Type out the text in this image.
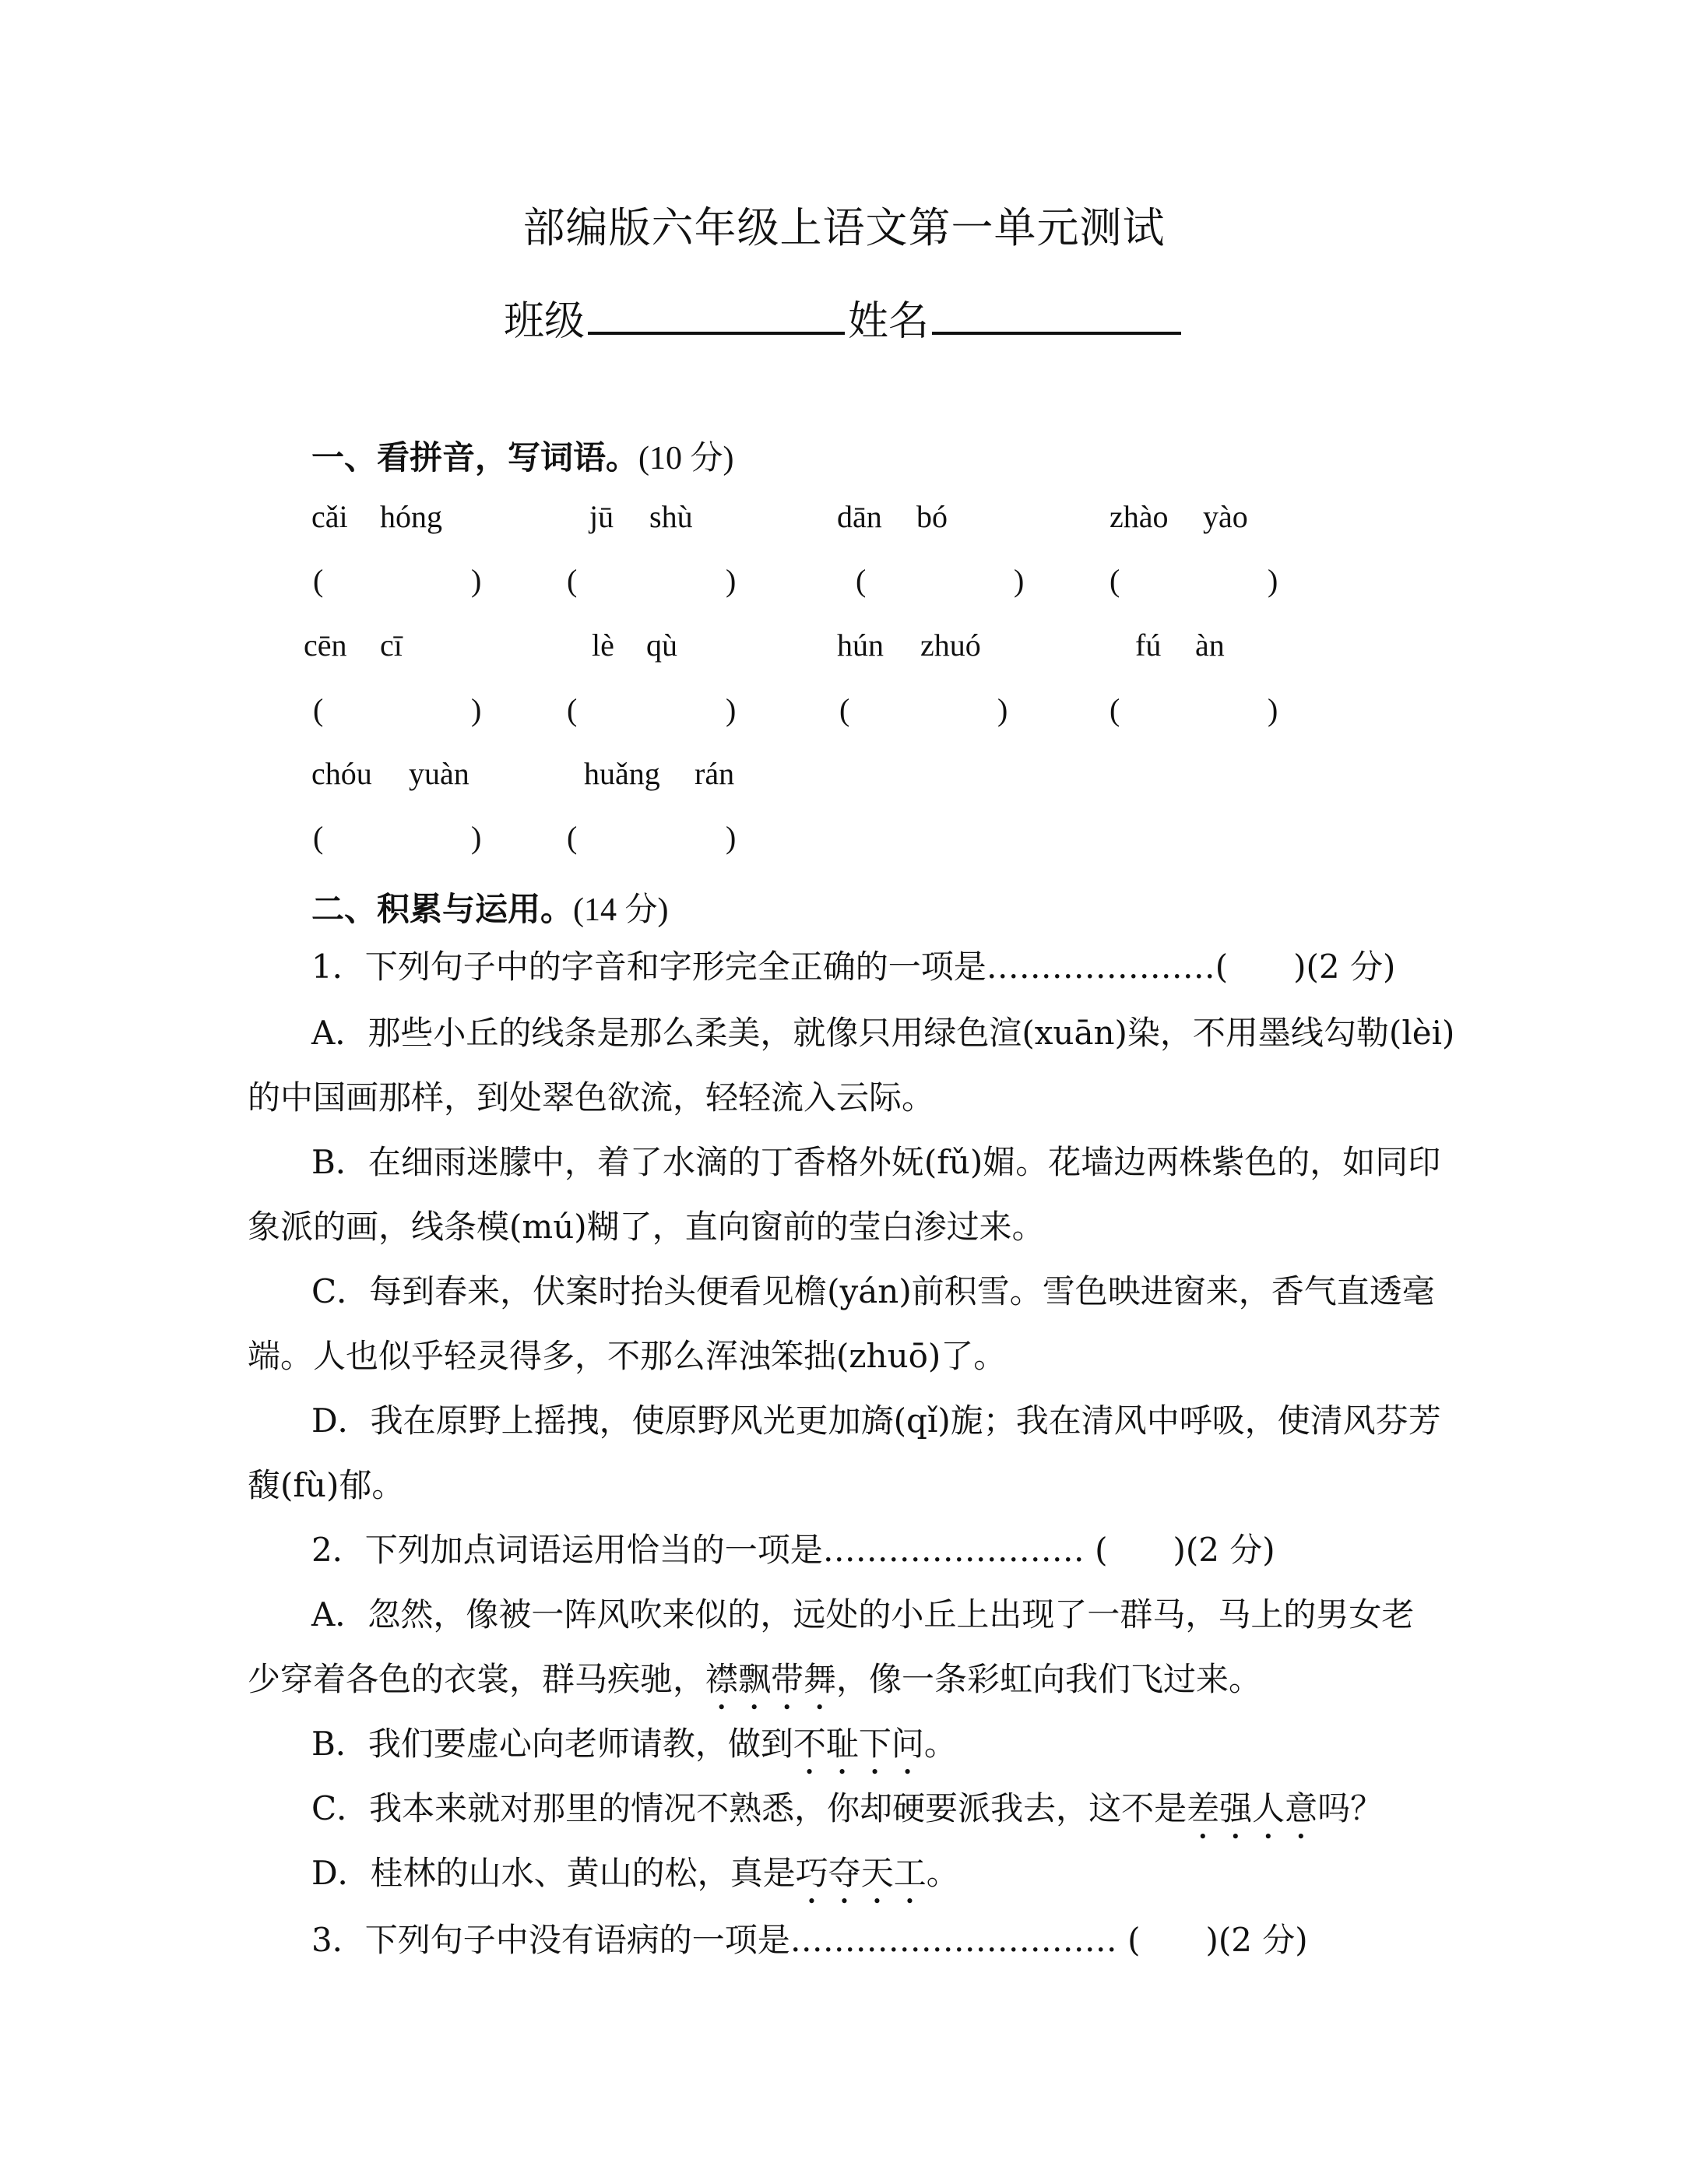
部编版六年级上语文第一单元测试
班级	姓名
一、看拼音，写词语。(10 分)
cǎi hóng	jū shù	dān bó	zhào yào
(	)	(	)	(	)	(	)
cēn cī	lè qù	hún zhuó	fú àn
(	)	(	)	(	)	(	)
chóu yuàn	huǎng rán
(	)	(	)
二、积累与运用。(14 分)
1．下列句子中的字音和字形完全正确的一项是…………………(　　)(2 分)
A．那些小丘的线条是那么柔美，就像只用绿色渲(xuān)染，不用墨线勾勒(lèi)
的中国画那样，到处翠色欲流，轻轻流入云际。
B．在细雨迷朦中，着了水滴的丁香格外妩(fǔ)媚。花墙边两株紫色的，如同印
象派的画，线条模(mú)糊了，直向窗前的莹白渗过来。
C．每到春来，伏案时抬头便看见檐(yán)前积雪。雪色映进窗来，香气直透毫
端。人也似乎轻灵得多，不那么浑浊笨拙(zhuō)了。
D．我在原野上摇拽，使原野风光更加旖(qǐ)旎；我在清风中呼吸，使清风芬芳
馥(fù)郁。
2．下列加点词语运用恰当的一项是…………………… (　　)(2 分)
A．忽然，像被一阵风吹来似的，远处的小丘上出现了一群马，马上的男女老
少穿着各色的衣裳，群马疾驰，襟飘带舞，像一条彩虹向我们飞过来。
B．我们要虚心向老师请教，做到不耻下问。
C．我本来就对那里的情况不熟悉，你却硬要派我去，这不是差强人意吗？
D．桂林的山水、黄山的松，真是巧夺天工。
3．下列句子中没有语病的一项是………………………… (　　)(2 分)
